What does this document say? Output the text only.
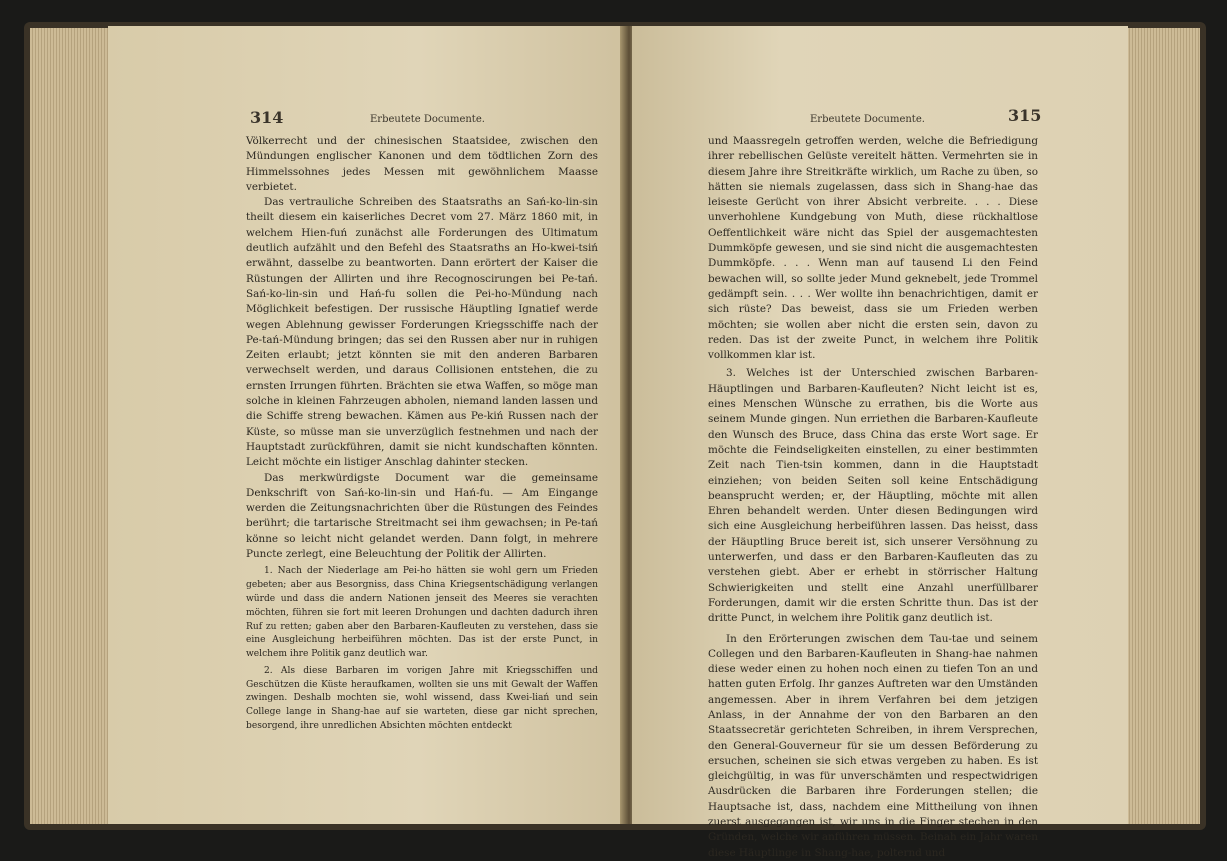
314	Erbeutete Documente.

Völkerrecht und der chinesischen Staatsidee, zwischen den Mündungen englischer Kanonen und dem tödtlichen Zorn des Himmelssohnes jedes Messen mit gewöhnlichem Maasse verbietet.

Das vertrauliche Schreiben des Staatsraths an Sań-ko-lin-sin theilt diesem ein kaiserliches Decret vom 27. März 1860 mit, in welchem Hien-fuń zunächst alle Forderungen des Ultimatum deutlich aufzählt und den Befehl des Staatsraths an Ho-kwei-tsiń erwähnt, dasselbe zu beantworten. Dann erörtert der Kaiser die Rüstungen der Allirten und ihre Recognoscirungen bei Pe-tań. Sań-ko-lin-sin und Hań-fu sollen die Pei-ho-Mündung nach Möglichkeit befestigen. Der russische Häuptling Ignatief werde wegen Ablehnung gewisser Forderungen Kriegsschiffe nach der Pe-tań-Mündung bringen; das sei den Russen aber nur in ruhigen Zeiten erlaubt; jetzt könnten sie mit den anderen Barbaren verwechselt werden, und daraus Collisionen entstehen, die zu ernsten Irrungen führten. Brächten sie etwa Waffen, so möge man solche in kleinen Fahrzeugen abholen, niemand landen lassen und die Schiffe streng bewachen. Kämen aus Pe-kiń Russen nach der Küste, so müsse man sie unverzüglich festnehmen und nach der Hauptstadt zurückführen, damit sie nicht kundschaften könnten. Leicht möchte ein listiger Anschlag dahinter stecken.

Das merkwürdigste Document war die gemeinsame Denkschrift von Sań-ko-lin-sin und Hań-fu. — Am Eingange werden die Zeitungsnachrichten über die Rüstungen des Feindes berührt; die tartarische Streitmacht sei ihm gewachsen; in Pe-tań könne so leicht nicht gelandet werden. Dann folgt, in mehrere Puncte zerlegt, eine Beleuchtung der Politik der Allirten.

1. Nach der Niederlage am Pei-ho hätten sie wohl gern um Frieden gebeten; aber aus Besorgniss, dass China Kriegsentschädigung verlangen würde und dass die andern Nationen jenseit des Meeres sie verachten möchten, führen sie fort mit leeren Drohungen und dachten dadurch ihren Ruf zu retten; gaben aber den Barbaren-Kaufleuten zu verstehen, dass sie eine Ausgleichung herbeiführen möchten. Das ist der erste Punct, in welchem ihre Politik ganz deutlich war.

2. Als diese Barbaren im vorigen Jahre mit Kriegsschiffen und Geschützen die Küste heraufkamen, wollten sie uns mit Gewalt der Waffen zwingen. Deshalb mochten sie, wohl wissend, dass Kwei-liań und sein College lange in Shang-hae auf sie warteten, diese gar nicht sprechen, besorgend, ihre unredlichen Absichten möchten entdeckt

Erbeutete Documente.	315

und Maassregeln getroffen werden, welche die Befriedigung ihrer rebellischen Gelüste vereitelt hätten. Vermehrten sie in diesem Jahre ihre Streitkräfte wirklich, um Rache zu üben, so hätten sie niemals zugelassen, dass sich in Shang-hae das leiseste Gerücht von ihrer Absicht verbreite. . . . Diese unverhohlene Kundgebung von Muth, diese rückhaltlose Oeffentlichkeit wäre nicht das Spiel der ausgemachtesten Dummköpfe gewesen, und sie sind nicht die ausgemachtesten Dummköpfe. . . . Wenn man auf tausend Li den Feind bewachen will, so sollte jeder Mund geknebelt, jede Trommel gedämpft sein. . . . Wer wollte ihn benachrichtigen, damit er sich rüste? Das beweist, dass sie um Frieden werben möchten; sie wollen aber nicht die ersten sein, davon zu reden. Das ist der zweite Punct, in welchem ihre Politik vollkommen klar ist.

3. Welches ist der Unterschied zwischen Barbaren-Häuptlingen und Barbaren-Kaufleuten? Nicht leicht ist es, eines Menschen Wünsche zu errathen, bis die Worte aus seinem Munde gingen. Nun erriethen die Barbaren-Kaufleute den Wunsch des Bruce, dass China das erste Wort sage. Er möchte die Feindseligkeiten einstellen, zu einer bestimmten Zeit nach Tien-tsin kommen, dann in die Hauptstadt einziehen; von beiden Seiten soll keine Entschädigung beansprucht werden; er, der Häuptling, möchte mit allen Ehren behandelt werden. Unter diesen Bedingungen wird sich eine Ausgleichung herbeiführen lassen. Das heisst, dass der Häuptling Bruce bereit ist, sich unserer Versöhnung zu unterwerfen, und dass er den Barbaren-Kaufleuten das zu verstehen giebt. Aber er erhebt in störrischer Haltung Schwierigkeiten und stellt eine Anzahl unerfüllbarer Forderungen, damit wir die ersten Schritte thun. Das ist der dritte Punct, in welchem ihre Politik ganz deutlich ist.

In den Erörterungen zwischen dem Tau-tae und seinem Collegen und den Barbaren-Kaufleuten in Shang-hae nahmen diese weder einen zu hohen noch einen zu tiefen Ton an und hatten guten Erfolg. Ihr ganzes Auftreten war den Umständen angemessen. Aber in ihrem Verfahren bei dem jetzigen Anlass, in der Annahme der von den Barbaren an den Staatssecretär gerichteten Schreiben, in ihrem Versprechen, den General-Gouverneur für sie um dessen Beförderung zu ersuchen, scheinen sie sich etwas vergeben zu haben. Es ist gleichgültig, in was für unverschämten und respectwidrigen Ausdrücken die Barbaren ihre Forderungen stellen; die Hauptsache ist, dass, nachdem eine Mittheilung von ihnen zuerst ausgegangen ist, wir uns in die Finger stechen in den Gründen, welche wir anführen müssen. Beinah ein Jahr waren diese Häuptlinge in Shang-hae, polternd und
